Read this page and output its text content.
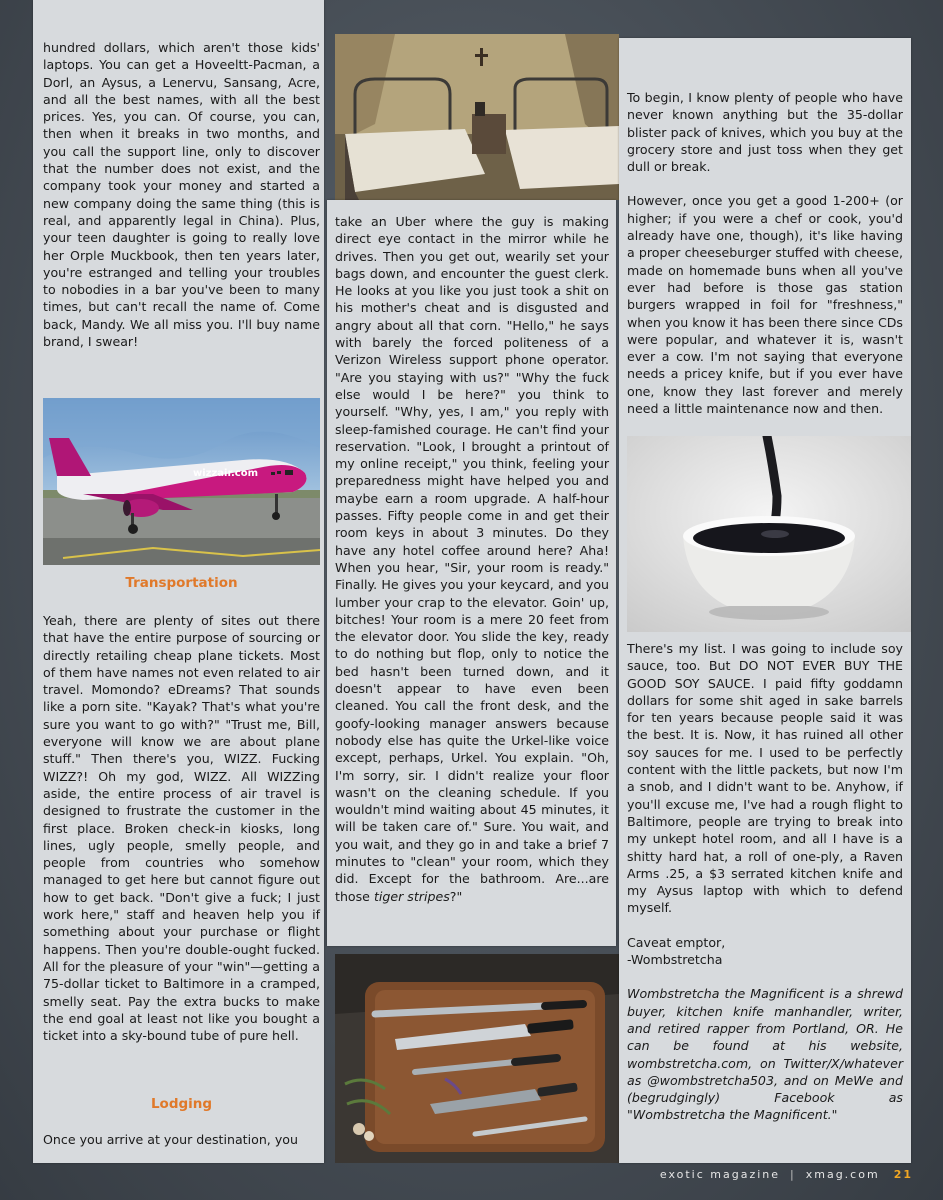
hundred dollars, which aren't those kids' laptops. You can get a Hoveeltt-Pacman, a Dorl, an Aysus, a Lenervu, Sansang, Acre, and all the best names, with all the best prices. Yes, you can. Of course, you can, then when it breaks in two months, and you call the support line, only to discover that the number does not exist, and the company took your money and started a new company doing the same thing (this is real, and apparently legal in China). Plus, your teen daughter is going to really love her Orple Muckbook, then ten years later, you're estranged and telling your troubles to nobodies in a bar you've been to many times, but can't recall the name of. Come back, Mandy. We all miss you. I'll buy name brand, I swear!

wizzair.com
Transportation

Yeah, there are plenty of sites out there that have the entire purpose of sourcing or directly retailing cheap plane tickets. Most of them have names not even related to air travel. Momondo? eDreams? That sounds like a porn site. "Kayak? That's what you're sure you want to go with?" "Trust me, Bill, everyone will know we are about plane stuff." Then there's you, WIZZ. Fucking WIZZ?! Oh my god, WIZZ. All WIZZing aside, the entire process of air travel is designed to frustrate the customer in the first place. Broken check-in kiosks, long lines, ugly people, smelly people, and people from countries who somehow managed to get here but cannot figure out how to get back. "Don't give a fuck; I just work here," staff and heaven help you if something about your purchase or flight happens. Then you're double-ought fucked. All for the pleasure of your "win"—getting a 75-dollar ticket to Baltimore in a cramped, smelly seat. Pay the extra bucks to make the end goal at least not like you bought a ticket into a sky-bound tube of pure hell.

Lodging

Once you arrive at your destination, you

take an Uber where the guy is making direct eye contact in the mirror while he drives. Then you get out, wearily set your bags down, and encounter the guest clerk. He looks at you like you just took a shit on his mother's cheat and is disgusted and angry about all that corn. "Hello," he says with barely the forced politeness of a Verizon Wireless support phone operator. "Are you staying with us?" "Why the fuck else would I be here?" you think to yourself. "Why, yes, I am," you reply with sleep-famished courage. He can't find your reservation. "Look, I brought a printout of my online receipt," you think, feeling your preparedness might have helped you and maybe earn a room upgrade. A half-hour passes. Fifty people come in and get their room keys in about 3 minutes. Do they have any hotel coffee around here? Aha! When you hear, "Sir, your room is ready." Finally. He gives you your keycard, and you lumber your crap to the elevator. Goin' up, bitches! Your room is a mere 20 feet from the elevator door. You slide the key, ready to do nothing but flop, only to notice the bed hasn't been turned down, and it doesn't appear to have even been cleaned. You call the front desk, and the goofy-looking manager answers because nobody else has quite the Urkel-like voice except, perhaps, Urkel. You explain. "Oh, I'm sorry, sir. I didn't realize your floor wasn't on the cleaning schedule. If you wouldn't mind waiting about 45 minutes, it will be taken care of." Sure. You wait, and you wait, and they go in and take a brief 7 minutes to "clean" your room, which they did. Except for the bathroom. Are...are those tiger stripes?"

To begin, I know plenty of people who have never known anything but the 35-dollar blister pack of knives, which you buy at the grocery store and just toss when they get dull or break.

However, once you get a good 1-200+ (or higher; if you were a chef or cook, you'd already have one, though), it's like having a proper cheeseburger stuffed with cheese, made on homemade buns when all you've ever had before is those gas station burgers wrapped in foil for "freshness," when you know it has been there since CDs were popular, and whatever it is, wasn't ever a cow. I'm not saying that everyone needs a pricey knife, but if you ever have one, know they last forever and merely need a little maintenance now and then.

There's my list. I was going to include soy sauce, too. But DO NOT EVER BUY THE GOOD SOY SAUCE. I paid fifty goddamn dollars for some shit aged in sake barrels for ten years because people said it was the best. It is. Now, it has ruined all other soy sauces for me. I used to be perfectly content with the little packets, but now I'm a snob, and I didn't want to be. Anyhow, if you'll excuse me, I've had a rough flight to Baltimore, people are trying to break into my unkept hotel room, and all I have is a shitty hard hat, a roll of one-ply, a Raven Arms .25, a $3 serrated kitchen knife and my Aysus laptop with which to defend myself.

Caveat emptor,

-Wombstretcha

Wombstretcha the Magnificent is a shrewd buyer, kitchen knife manhandler, writer, and retired rapper from Portland, OR. He can be found at his website, wombstretcha.com, on Twitter/X/whatever as @wombstretcha503, and on MeWe and (begrudgingly) Facebook as "Wombstretcha the Magnificent."

exotic magazine | xmag.com 21
